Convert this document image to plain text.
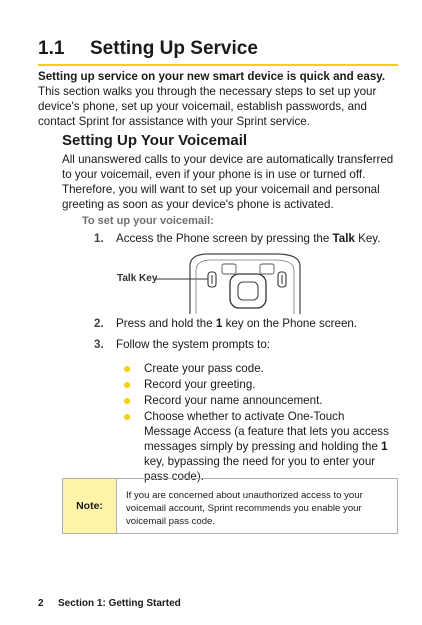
1.1 Setting Up Service

Setting up service on your new smart device is quick and easy. This section walks you through the necessary steps to set up your device's phone, set up your voicemail, establish passwords, and contact Sprint for assistance with your Sprint service.

Setting Up Your Voicemail

All unanswered calls to your device are automatically transferred to your voicemail, even if your phone is in use or turned off. Therefore, you will want to set up your voicemail and personal greeting as soon as your device's phone is activated.

To set up your voicemail:
1. Access the Phone screen by pressing the Talk Key.
Talk Key
2. Press and hold the 1 key on the Phone screen.
3. Follow the system prompts to:
Create your pass code.
Record your greeting.
Record your name announcement.
Choose whether to activate One-Touch Message Access (a feature that lets you access messages simply by pressing and holding the 1 key, bypassing the need for you to enter your pass code).
Note:
If you are concerned about unauthorized access to your voicemail account, Sprint recommends you enable your voicemail pass code.
2 Section 1: Getting Started
